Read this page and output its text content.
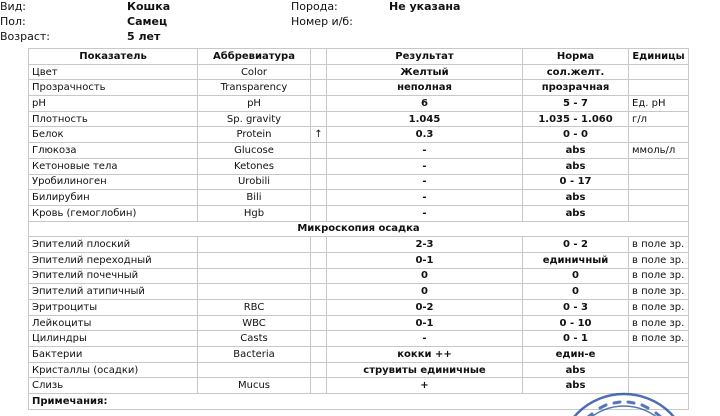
Вид:	Кошка
Пол:	Самец
Возраст:	5 лет
Порода:	Не указана
Номер и/б:
Показатель	Аббревиатура		Результат	Норма	Единицы
Цвет	Color		Желтый	сол.желт.	
Прозрачность	Transparency		неполная	прозрачная	
pH	pH		6	5 - 7	Ед. pH
Плотность	Sp. gravity		1.045	1.035 - 1.060	г/л
Белок	Protein	↑	0.3	0 - 0	
Глюкоза	Glucose		-	abs	ммоль/л
Кетоновые тела	Ketones		-	abs	
Уробилиноген	Urobili		-	0 - 17	
Билирубин	Bili		-	abs	
Кровь (гемоглобин)	Hgb		-	abs	
Микроскопия осадка					
Эпителий плоский			2-3	0 - 2	в поле зр.
Эпителий переходный			0-1	единичный	в поле зр.
Эпителий почечный			0	0	в поле зр.
Эпителий атипичный			0	0	в поле зр.
Эритроциты	RBC		0-2	0 - 3	в поле зр.
Лейкоциты	WBC		0-1	0 - 10	в поле зр.
Цилиндры	Casts		-	0 - 1	в поле зр.
Бактерии	Bacteria		кокки ++	един-е	
Кристаллы (осадки)			струвиты единичные	abs	
Слизь	Mucus		+	abs	
Примечания:					
